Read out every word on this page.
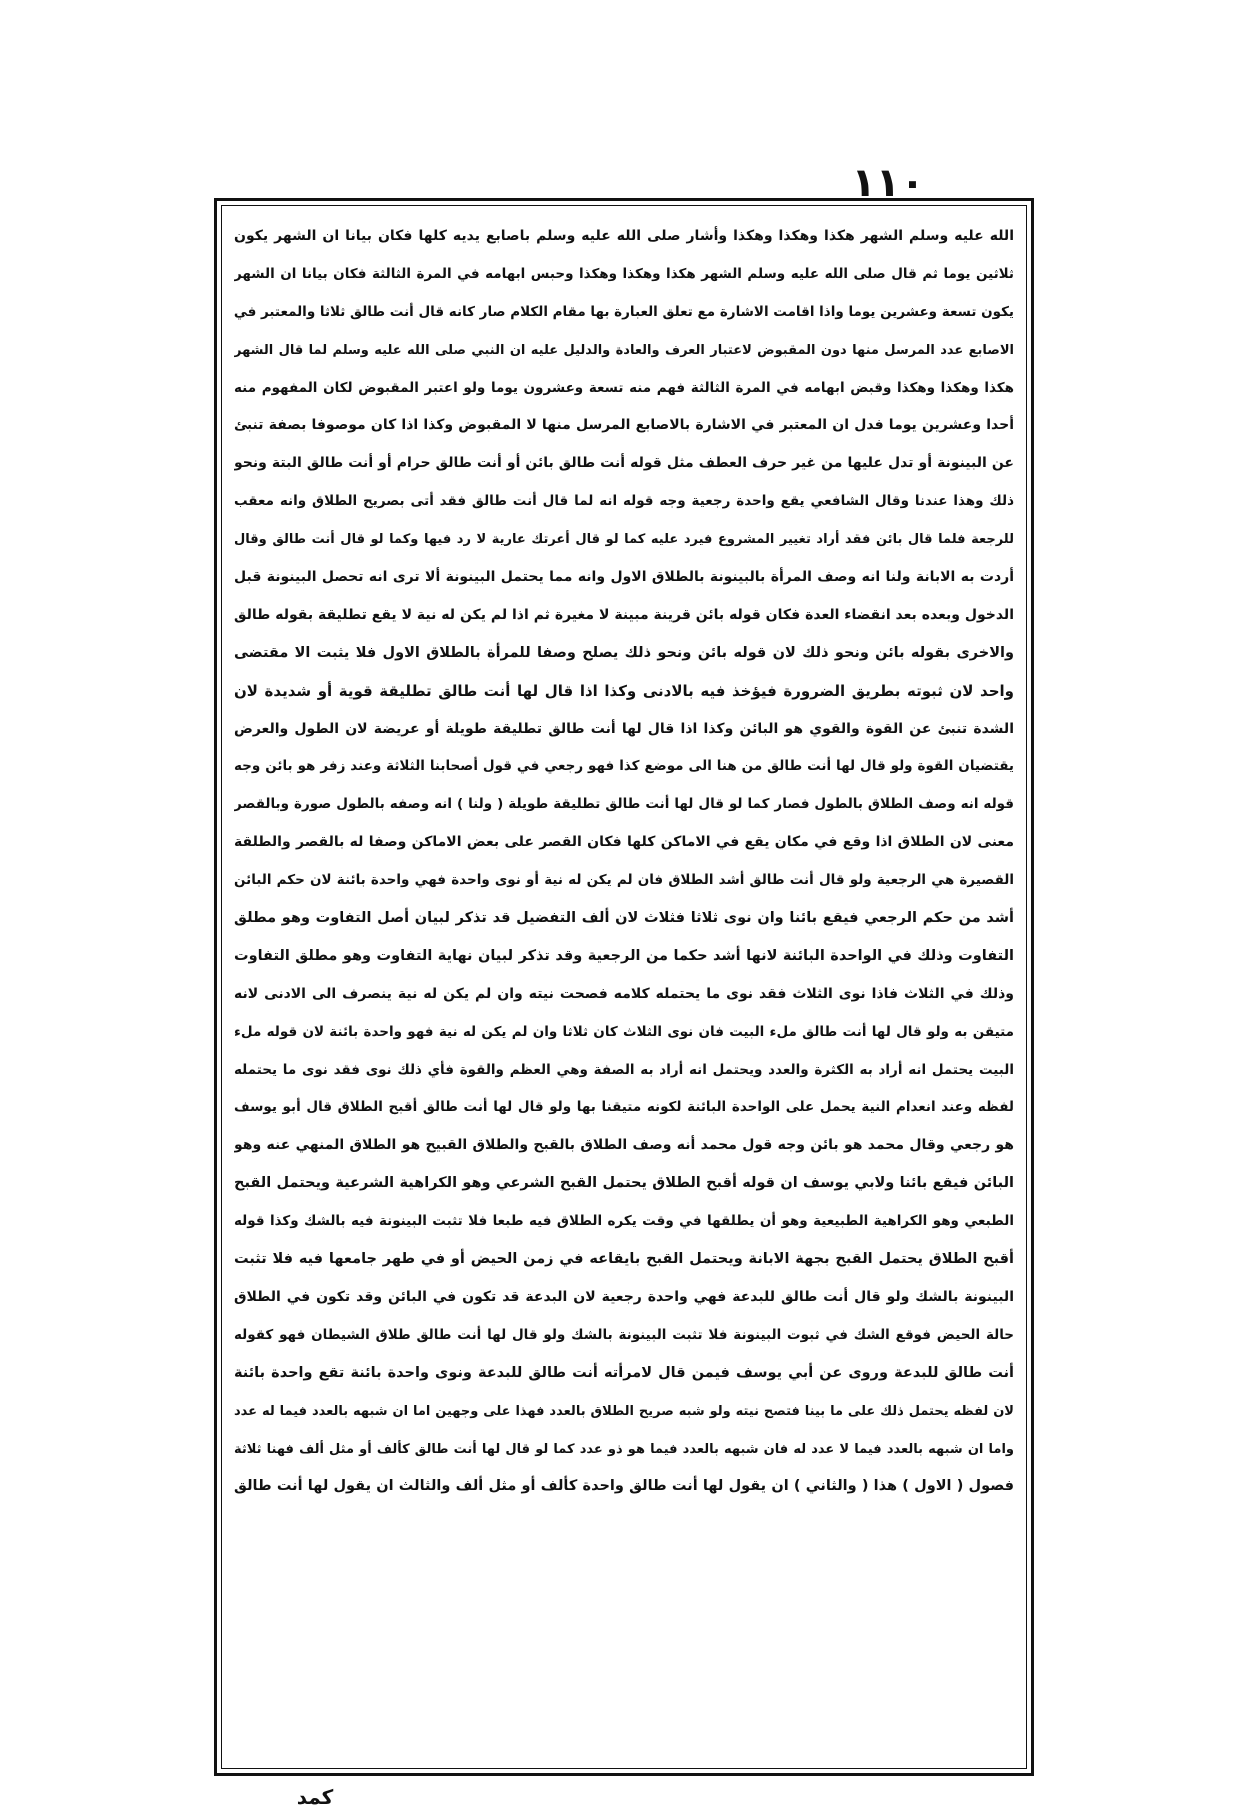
١١٠
الله عليه وسلم الشهر هكذا وهكذا وهكذا وأشار صلى الله عليه وسلم باصابع يديه كلها فكان بيانا ان الشهر يكون
ثلاثين يوما ثم قال صلى الله عليه وسلم الشهر هكذا وهكذا وهكذا وحبس ابهامه في المرة الثالثة فكان بيانا ان الشهر
يكون تسعة وعشرين يوما واذا اقامت الاشارة مع تعلق العبارة بها مقام الكلام صار كانه قال أنت طالق ثلاثا والمعتبر في
الاصابع عدد المرسل منها دون المقبوض لاعتبار العرف والعادة والدليل عليه ان النبي صلى الله عليه وسلم لما قال الشهر
هكذا وهكذا وهكذا وقبض ابهامه في المرة الثالثة فهم منه تسعة وعشرون يوما ولو اعتبر المقبوض لكان المفهوم منه
أحدا وعشرين يوما فدل ان المعتبر في الاشارة بالاصابع المرسل منها لا المقبوض وكذا اذا كان موصوفا بصفة تنبئ
عن البينونة أو تدل عليها من غير حرف العطف مثل قوله أنت طالق بائن أو أنت طالق حرام أو أنت طالق البتة ونحو
ذلك وهذا عندنا وقال الشافعي يقع واحدة رجعية وجه قوله انه لما قال أنت طالق فقد أتى بصريح الطلاق وانه معقب
للرجعة فلما قال بائن فقد أراد تغيير المشروع فيرد عليه كما لو قال أعرتك عارية لا رد فيها وكما لو قال أنت طالق وقال
أردت به الابانة ولنا انه وصف المرأة بالبينونة بالطلاق الاول وانه مما يحتمل البينونة ألا ترى انه تحصل البينونة قبل
الدخول وبعده بعد انقضاء العدة فكان قوله بائن قرينة مبينة لا مغيرة ثم اذا لم يكن له نية لا يقع تطليقة بقوله طالق
والاخرى بقوله بائن ونحو ذلك لان قوله بائن ونحو ذلك يصلح وصفا للمرأة بالطلاق الاول فلا يثبت الا مقتضى
واحد لان ثبوته بطريق الضرورة فيؤخذ فيه بالادنى وكذا اذا قال لها أنت طالق تطليقة قوية أو شديدة لان
الشدة تنبئ عن القوة والقوي هو البائن وكذا اذا قال لها أنت طالق تطليقة طويلة أو عريضة لان الطول والعرض
يقتضيان القوة ولو قال لها أنت طالق من هنا الى موضع كذا فهو رجعي في قول أصحابنا الثلاثة وعند زفر هو بائن وجه
قوله انه وصف الطلاق بالطول فصار كما لو قال لها أنت طالق تطليقة طويلة ( ولنا ) انه وصفه بالطول صورة وبالقصر
معنى لان الطلاق اذا وقع في مكان يقع في الاماكن كلها فكان القصر على بعض الاماكن وصفا له بالقصر والطلقة
القصيرة هي الرجعية ولو قال أنت طالق أشد الطلاق فان لم يكن له نية أو نوى واحدة فهي واحدة بائنة لان حكم البائن
أشد من حكم الرجعي فيقع بائنا وان نوى ثلاثا فثلاث لان ألف التفضيل قد تذكر لبيان أصل التفاوت وهو مطلق
التفاوت وذلك في الواحدة البائنة لانها أشد حكما من الرجعية وقد تذكر لبيان نهاية التفاوت وهو مطلق التفاوت
وذلك في الثلاث فاذا نوى الثلاث فقد نوى ما يحتمله كلامه فصحت نيته وان لم يكن له نية ينصرف الى الادنى لانه
متيقن به ولو قال لها أنت طالق ملء البيت فان نوى الثلاث كان ثلاثا وان لم يكن له نية فهو واحدة بائنة لان قوله ملء
البيت يحتمل انه أراد به الكثرة والعدد ويحتمل انه أراد به الصفة وهي العظم والقوة فأي ذلك نوى فقد نوى ما يحتمله
لفظه وعند انعدام النية يحمل على الواحدة البائنة لكونه متيقنا بها ولو قال لها أنت طالق أقبح الطلاق قال أبو يوسف
هو رجعي وقال محمد هو بائن وجه قول محمد أنه وصف الطلاق بالقبح والطلاق القبيح هو الطلاق المنهي عنه وهو
البائن فيقع بائنا ولابي يوسف ان قوله أقبح الطلاق يحتمل القبح الشرعي وهو الكراهية الشرعية ويحتمل القبح
الطبعي وهو الكراهية الطبيعية وهو أن يطلقها في وقت يكره الطلاق فيه طبعا فلا تثبت البينونة فيه بالشك وكذا قوله
أقبح الطلاق يحتمل القبح بجهة الابانة ويحتمل القبح بايقاعه في زمن الحيض أو في طهر جامعها فيه فلا تثبت
البينونة بالشك ولو قال أنت طالق للبدعة فهي واحدة رجعية لان البدعة قد تكون في البائن وقد تكون في الطلاق
حالة الحيض فوقع الشك في ثبوت البينونة فلا تثبت البينونة بالشك ولو قال لها أنت طالق طلاق الشيطان فهو كقوله
أنت طالق للبدعة وروى عن أبي يوسف فيمن قال لامرأته أنت طالق للبدعة ونوى واحدة بائنة تقع واحدة بائنة
لان لفظه يحتمل ذلك على ما بينا فتصح نيته ولو شبه صريح الطلاق بالعدد فهذا على وجهين اما ان شبهه بالعدد فيما له عدد
واما ان شبهه بالعدد فيما لا عدد له فان شبهه بالعدد فيما هو ذو عدد كما لو قال لها أنت طالق كألف أو مثل ألف فهنا ثلاثة
فصول ( الاول ) هذا ( والثاني ) ان يقول لها أنت طالق واحدة كألف أو مثل ألف والثالث ان يقول لها أنت طالق
كمد
